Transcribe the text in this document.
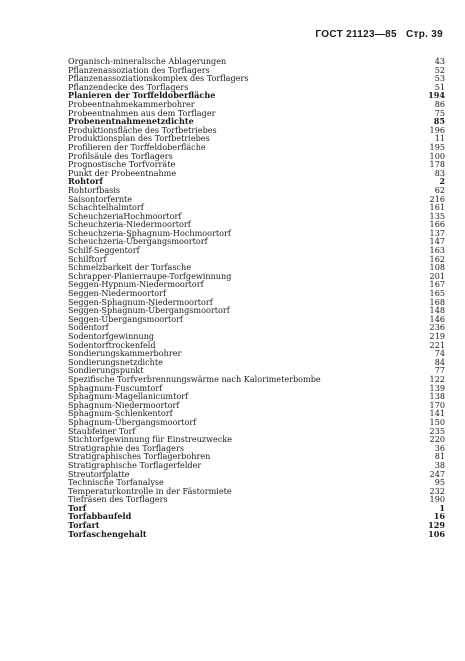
ГОСТ 21123—85 Стр. 39
Organisch-mineralische Ablagerungen	43
Pflanzenassoziation des Torflagers	52
Pflanzenassoziationskomplex des Torflagers	53
Pflanzendecke des Torflagers	51
Planieren der Torffeldoberfläche	194
Probeentnahmekammerbohrer	86
Probeentnahmen aus dem Torflager	75
Probenentnahmenetzdichte	85
Produktionsfläche des Torfbetriebes	196
Produktionsplan des Torfbetriebes	11
Profilieren der Torffeldoberfläche	195
Profilsäule des Torflagers	100
Prognostische Torfvorräte	178
Punkt der Probeentnahme	83
Rohtorf	2
Rohtorfbasis	62
Saisontorfernte	216
Schachtelhalmtorf	161
ScheuchzeriaHochmoortorf	135
Scheuchzeria-Niedermoortorf	166
Scheuchzeria-Sphagnum-Hochmoortorf	137
Scheuchzeria-Übergangsmoortorf	147
Schilf-Seggentorf	163
Schilftorf	162
Schmelzbarkeit der Torfasche	108
Schrapper-Planierraupe-Torfgewinnung	201
Seggen-Hypnum-Niedermoortorf	167
Seggen-Niedermoortorf	165
Seggen-Sphagnum-Niedermoortorf	168
Seggen-Sphagnum-Übergangsmoortorf	148
Seggen-Übergangsmoortorf	146
Sodentorf	236
Sodentorfgewinnung	219
Sodentorftrockenfeld	221
Sondierungskammerbohrer	74
Sondierungsnetzdichte	84
Sondierungspunkt	77
Spezifische Torfverbrennungswärme nach Kalorimeterbombe	122
Sphagnum-Fuscumtorf	139
Sphagnum-Magellanicumtorf	138
Sphagnum-Niedermoortorf	170
Sphagnum-Schlenkentorf	141
Sphagnum-Übergangsmoortorf	150
Staubfeiner Torf	235
Stichtorfgewinnung für Einstreuzwecke	220
Stratigraphie des Torflagers	36
Stratigraphisches Torflagerbohren	81
Stratigraphische Torflagerfelder	38
Streutorfplatte	247
Technische Torfanalyse	95
Temperaturkontrolle in der Fästormiete	232
Tiefräsen des Torflagers	190
Torf	1
Torfabbaufeld	16
Torfart	129
Torfaschengehalt	106
